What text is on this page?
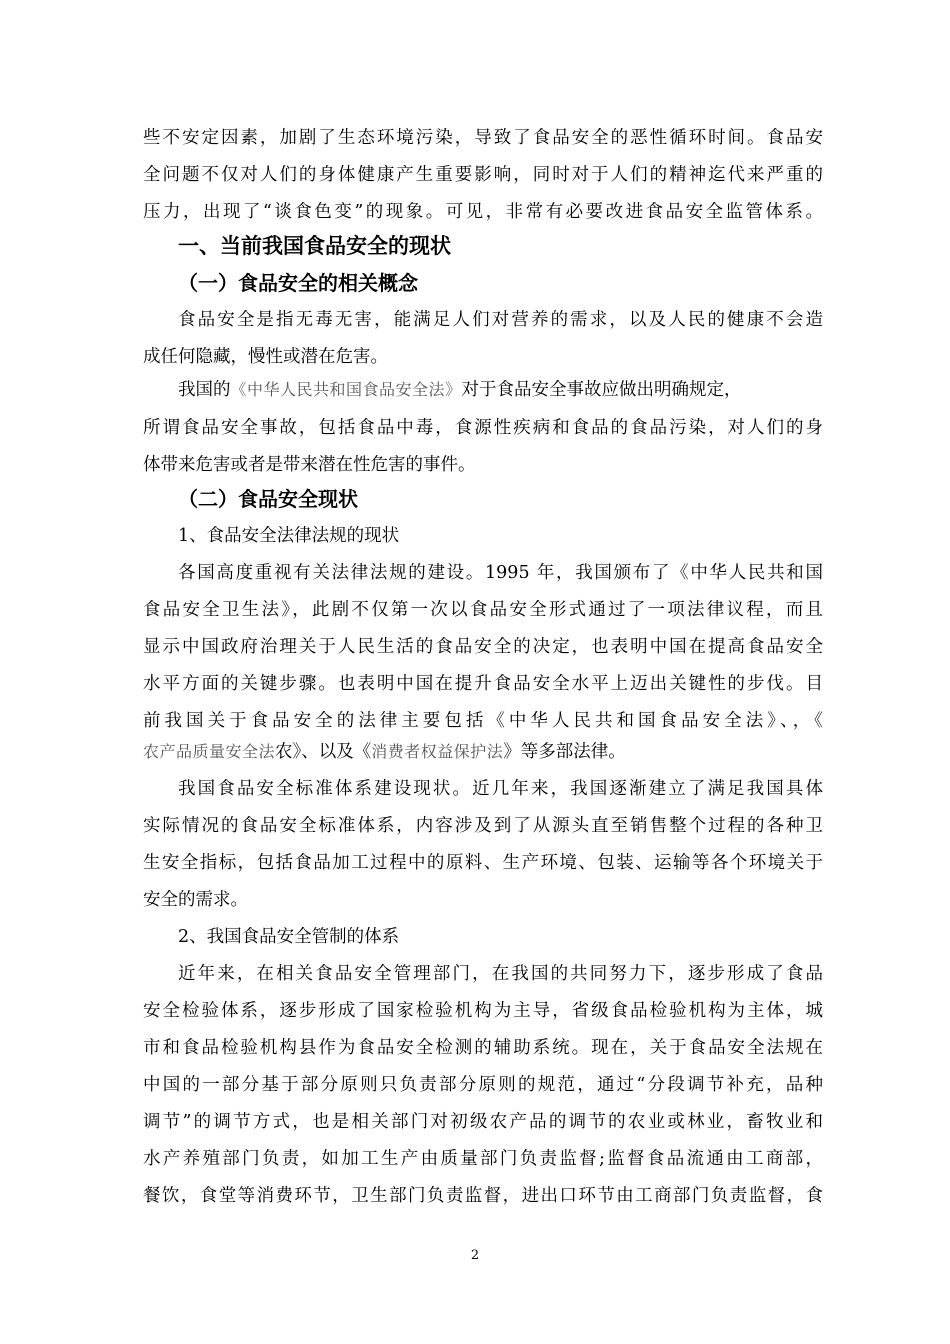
些不安定因素，加剧了生态环境污染，导致了食品安全的恶性循环时间。食品安
全问题不仅对人们的身体健康产生重要影响，同时对于人们的精神迄代来严重的
压力，出现了“谈食色变”的现象。可见，非常有必要改进食品安全监管体系。
一、当前我国食品安全的现状
（一）食品安全的相关概念
食品安全是指无毒无害，能满足人们对营养的需求，以及人民的健康不会造
成任何隐藏，慢性或潜在危害。
我国的《中华人民共和国食品安全法》对于食品安全事故应做出明确规定，
所谓食品安全事故，包括食品中毒，食源性疾病和食品的食品污染，对人们的身
体带来危害或者是带来潜在性危害的事件。
（二）食品安全现状
1、食品安全法律法规的现状
各国高度重视有关法律法规的建设。1995 年，我国颁布了《中华人民共和国
食品安全卫生法》，此剧不仅第一次以食品安全形式通过了一项法律议程，而且
显示中国政府治理关于人民生活的食品安全的决定，也表明中国在提高食品安全
水平方面的关键步骤。也表明中国在提升食品安全水平上迈出关键性的步伐。目
前我国关于食品安全的法律主要包括《中华人民共和国食品安全法》、，《
农产品质量安全法农》、以及《消费者权益保护法》等多部法律。
我国食品安全标准体系建设现状。近几年来，我国逐渐建立了满足我国具体
实际情况的食品安全标准体系，内容涉及到了从源头直至销售整个过程的各种卫
生安全指标，包括食品加工过程中的原料、生产环境、包装、运输等各个环境关于
安全的需求。
2、我国食品安全管制的体系
近年来，在相关食品安全管理部门，在我国的共同努力下，逐步形成了食品
安全检验体系，逐步形成了国家检验机构为主导，省级食品检验机构为主体，城
市和食品检验机构县作为食品安全检测的辅助系统。现在，关于食品安全法规在
中国的一部分基于部分原则只负责部分原则的规范，通过“分段调节补充，品种
调节”的调节方式，也是相关部门对初级农产品的调节的农业或林业，畜牧业和
水产养殖部门负责，如加工生产由质量部门负责监督;监督食品流通由工商部，
餐饮，食堂等消费环节，卫生部门负责监督，进出口环节由工商部门负责监督，食
2
